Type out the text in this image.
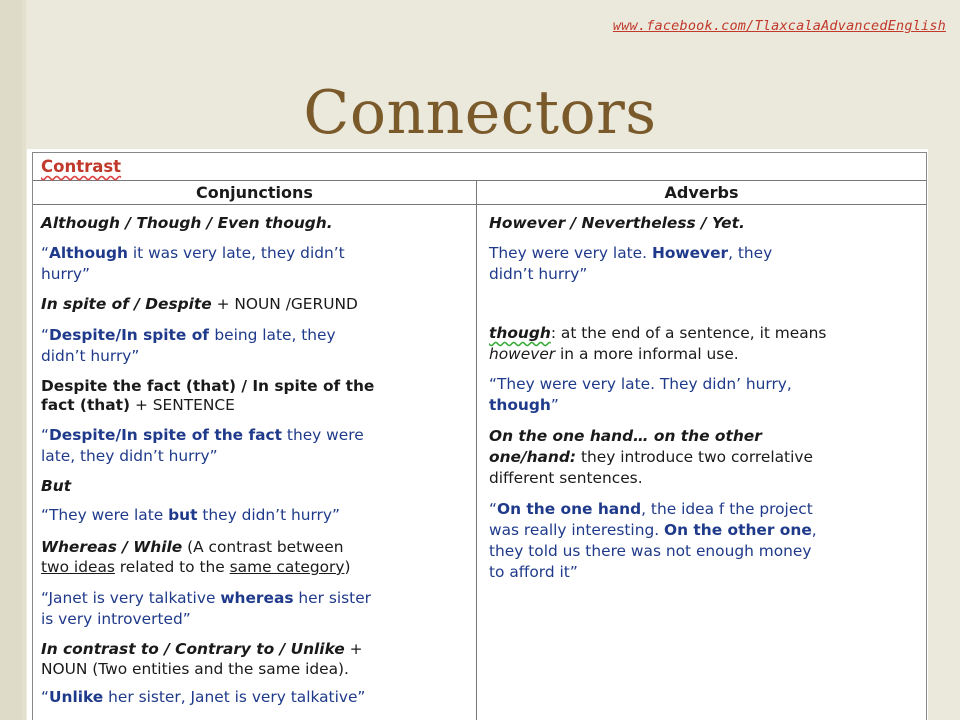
www.facebook.com/TlaxcalaAdvancedEnglish
Connectors
Contrast
Conjunctions	Adverbs
Although / Though / Even though.
“Although it was very late, they didn’t
hurry”
In spite of / Despite + NOUN /GERUND
“Despite/In spite of being late, they
didn’t hurry”
Despite the fact (that) / In spite of the
fact (that) + SENTENCE
“Despite/In spite of the fact they were
late, they didn’t hurry”
But
“They were late but they didn’t hurry”
Whereas / While (A contrast between
two ideas related to the same category)
“Janet is very talkative whereas her sister
is very introverted”
In contrast to / Contrary to / Unlike +
NOUN (Two entities and the same idea).
“Unlike her sister, Janet is very talkative”
However / Nevertheless / Yet.
They were very late. However, they
didn’t hurry”
though: at the end of a sentence, it means
however in a more informal use.
“They were very late. They didn’ hurry,
though”
On the one hand… on the other
one/hand: they introduce two correlative
different sentences.
“On the one hand, the idea f the project
was really interesting. On the other one,
they told us there was not enough money
to afford it”
